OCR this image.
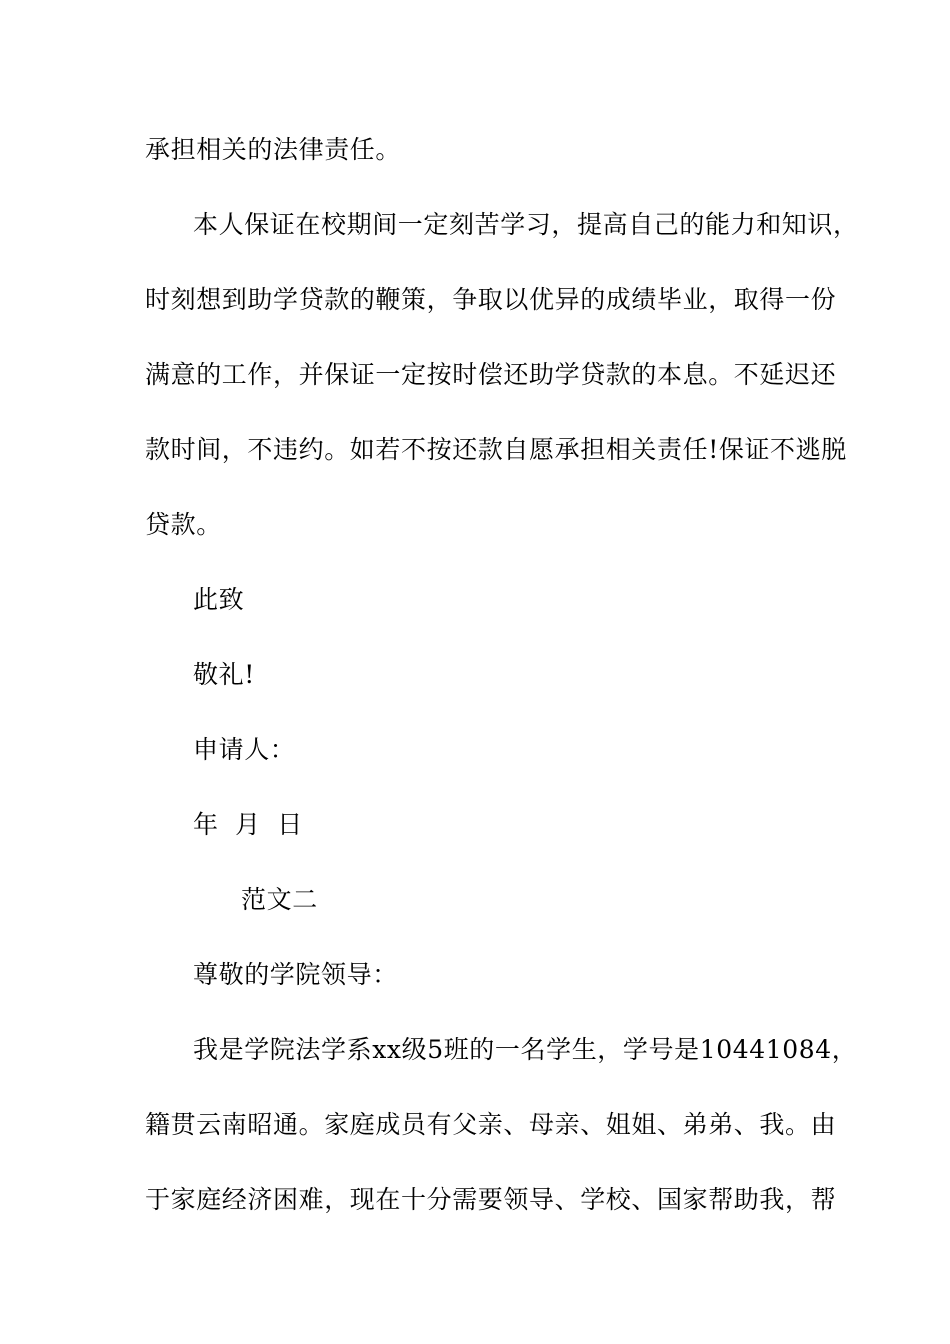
承担相关的法律责任。
本人保证在校期间一定刻苦学习，提高自己的能力和知识，
时刻想到助学贷款的鞭策，争取以优异的成绩毕业，取得一份
满意的工作，并保证一定按时偿还助学贷款的本息。不延迟还
款时间，不违约。如若不按还款自愿承担相关责任!保证不逃脱
贷款。
此致
敬礼!
申请人：
年 月 日
范文二
尊敬的学院领导：
我是学院法学系xx级5班的一名学生，学号是10441084，
籍贯云南昭通。家庭成员有父亲、母亲、姐姐、弟弟、我。由
于家庭经济困难，现在十分需要领导、学校、国家帮助我，帮
